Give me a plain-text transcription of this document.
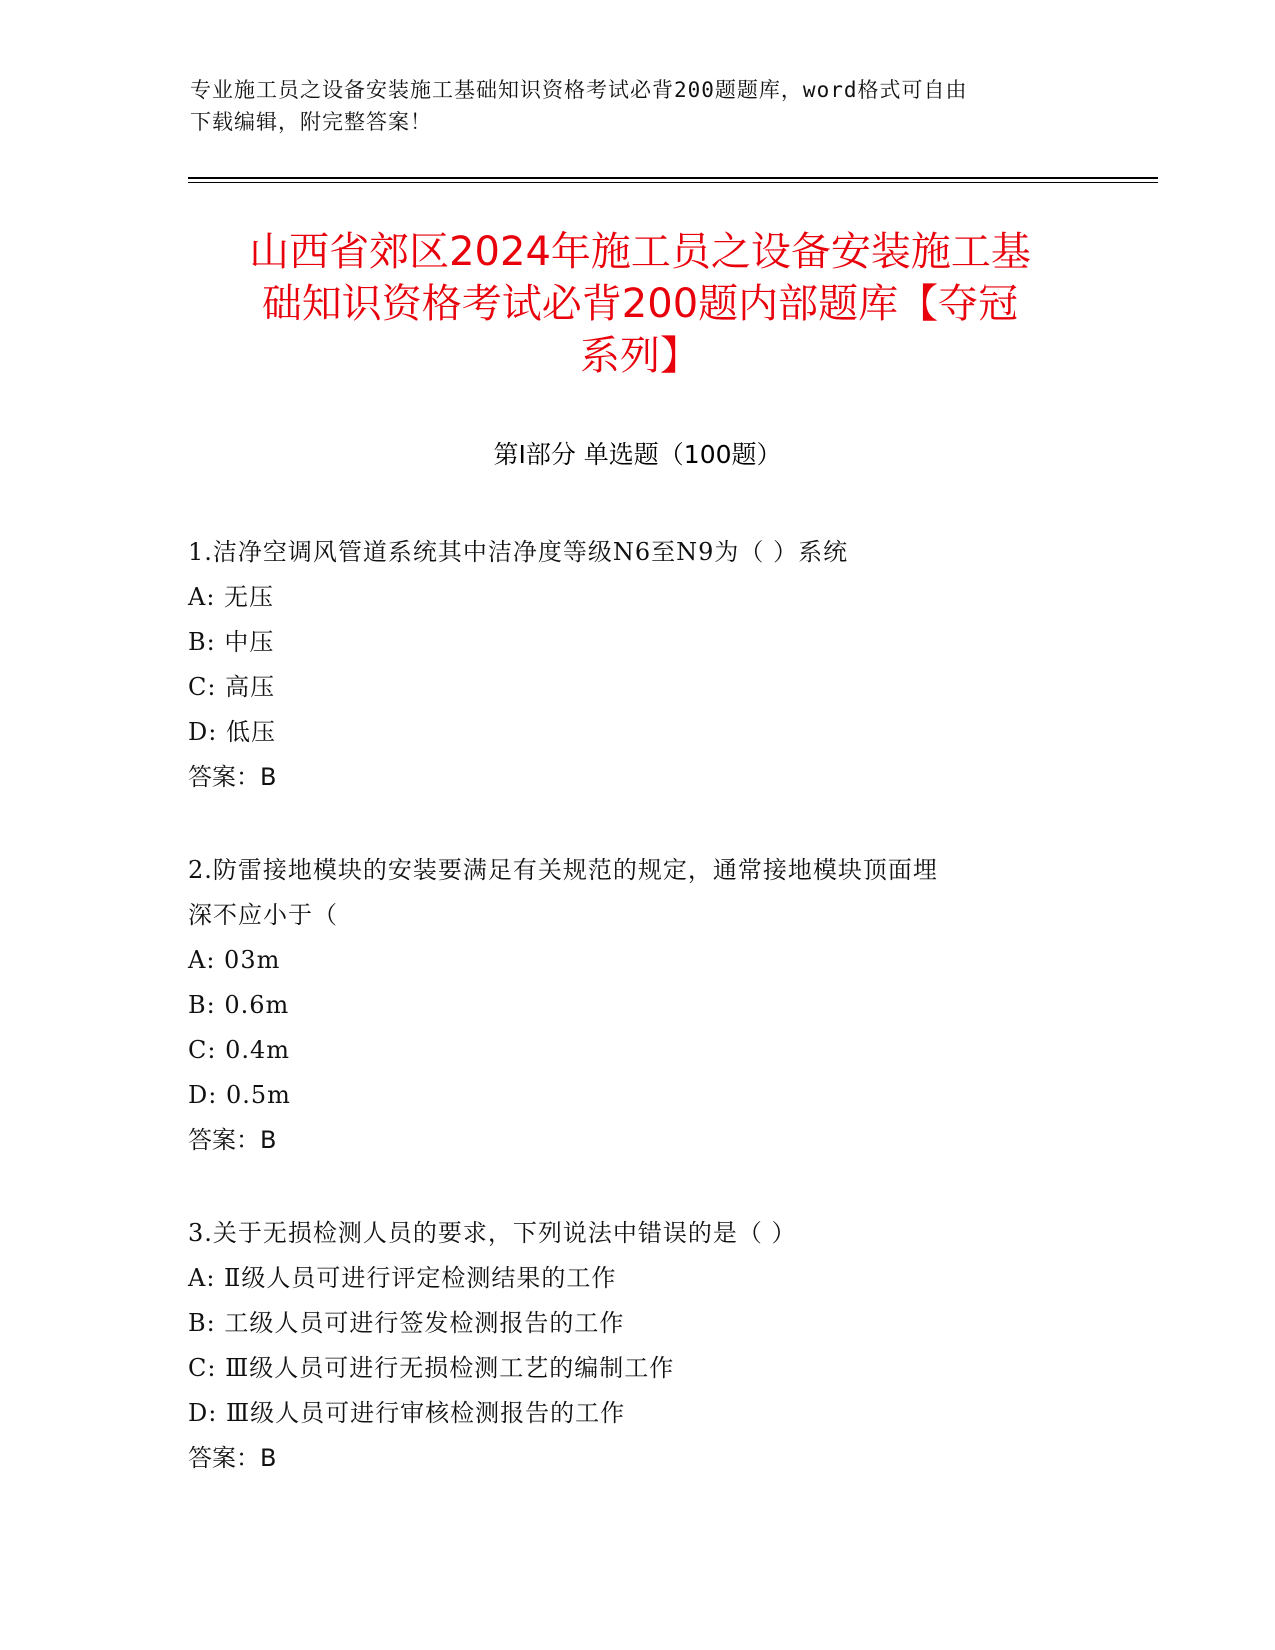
专业施工员之设备安装施工基础知识资格考试必背200题题库，word格式可自由
下载编辑，附完整答案！
山西省郊区2024年施工员之设备安装施工基
础知识资格考试必背200题内部题库【夺冠
系列】
第I部分 单选题（100题）
1.洁净空调风管道系统其中洁净度等级N6至N9为（ ）系统
A: 无压
B: 中压
C: 高压
D: 低压
答案：B
2.防雷接地模块的安装要满足有关规范的规定，通常接地模块顶面埋
深不应小于（
A: 03m
B: 0.6m
C: 0.4m
D: 0.5m
答案：B
3.关于无损检测人员的要求，下列说法中错误的是（ ）
A: Ⅱ级人员可进行评定检测结果的工作
B: 工级人员可进行签发检测报告的工作
C: Ⅲ级人员可进行无损检测工艺的编制工作
D: Ⅲ级人员可进行审核检测报告的工作
答案：B
